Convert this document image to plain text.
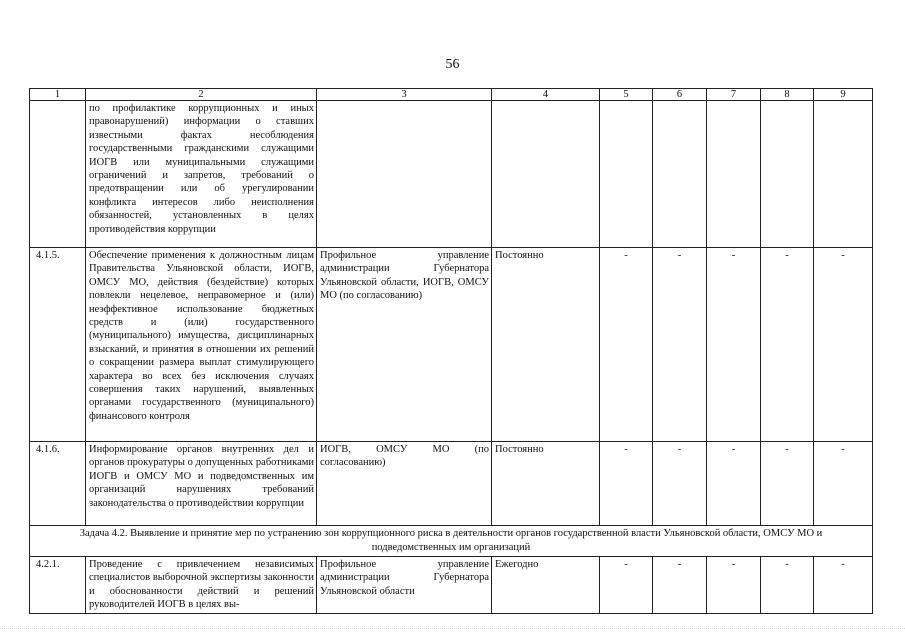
56
1	2	3	4	5	6	7	8	9
	по профилактике коррупционных и иных правонарушений) информации о ставших известными фактах несоблюдения государственными гражданскими служащими ИОГВ или муниципальными служащими ограничений и запретов, требований о предотвращении или об урегулировании конфликта интересов либо неисполнения обязанностей, установленных в целях противодействия коррупции							
4.1.5.	Обеспечение применения к должностным лицам Правительства Ульяновской области, ИОГВ, ОМСУ МО, действия (бездействие) которых повлекли нецелевое, неправомерное и (или) неэффективное использование бюджетных средств и (или) государственного (муниципального) имущества, дисциплинарных взысканий, и принятия в отношении их решений о сокращении размера выплат стимулирующего характера во всех без исключения случаях совершения таких нарушений, выявленных органами государственного (муниципального) финансового контроля	Профильное управление администрации Губернатора Ульяновской области, ИОГВ, ОМСУ МО (по согласованию)	Постоянно	-	-	-	-	-
4.1.6.	Информирование органов внутренних дел и органов прокуратуры о допущенных работниками ИОГВ и ОМСУ МО и подведомственных им организаций нарушениях требований законодательства о противодействии коррупции	ИОГВ, ОМСУ МО (по согласованию)	Постоянно	-	-	-	-	-
Задача 4.2. Выявление и принятие мер по устранению зон коррупционного риска в деятельности органов государственной власти Ульяновской области, ОМСУ МО и подведомственных им организаций								
4.2.1.	Проведение с привлечением независимых специалистов выборочной экспертизы законности и обоснованности действий и решений руководителей ИОГВ в целях вы-	Профильное управление администрации Губернатора Ульяновской области	Ежегодно	-	-	-	-	-
